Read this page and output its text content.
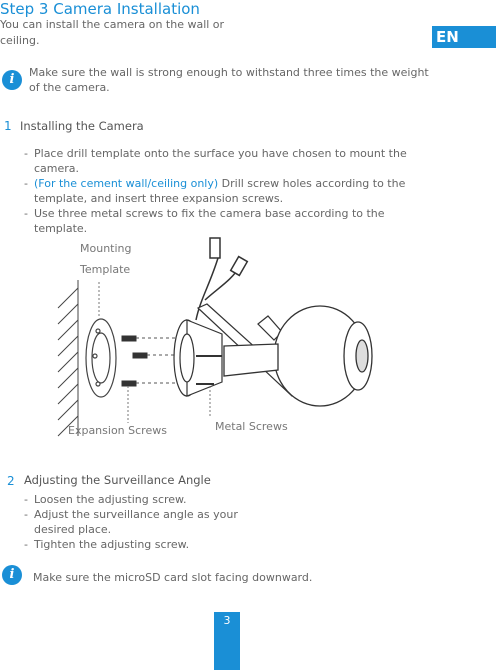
Step 3 Camera Installation
You can install the camera on the wall or ceiling.	EN
i	Make sure the wall is strong enough to withstand three times the weight of the camera.
1 Installing the Camera
- Place drill template onto the surface you have chosen to mount the camera.
- (For the cement wall/ceiling only) Drill screw holes according to the template, and insert three expansion screws.
- Use three metal screws to fix the camera base according to the template.
Mounting
Template
Expansion Screws	Metal Screws
2 Adjusting the Surveillance Angle
- Loosen the adjusting screw.
- Adjust the surveillance angle as your desired place.
- Tighten the adjusting screw.
i	Make sure the microSD card slot facing downward.
3
